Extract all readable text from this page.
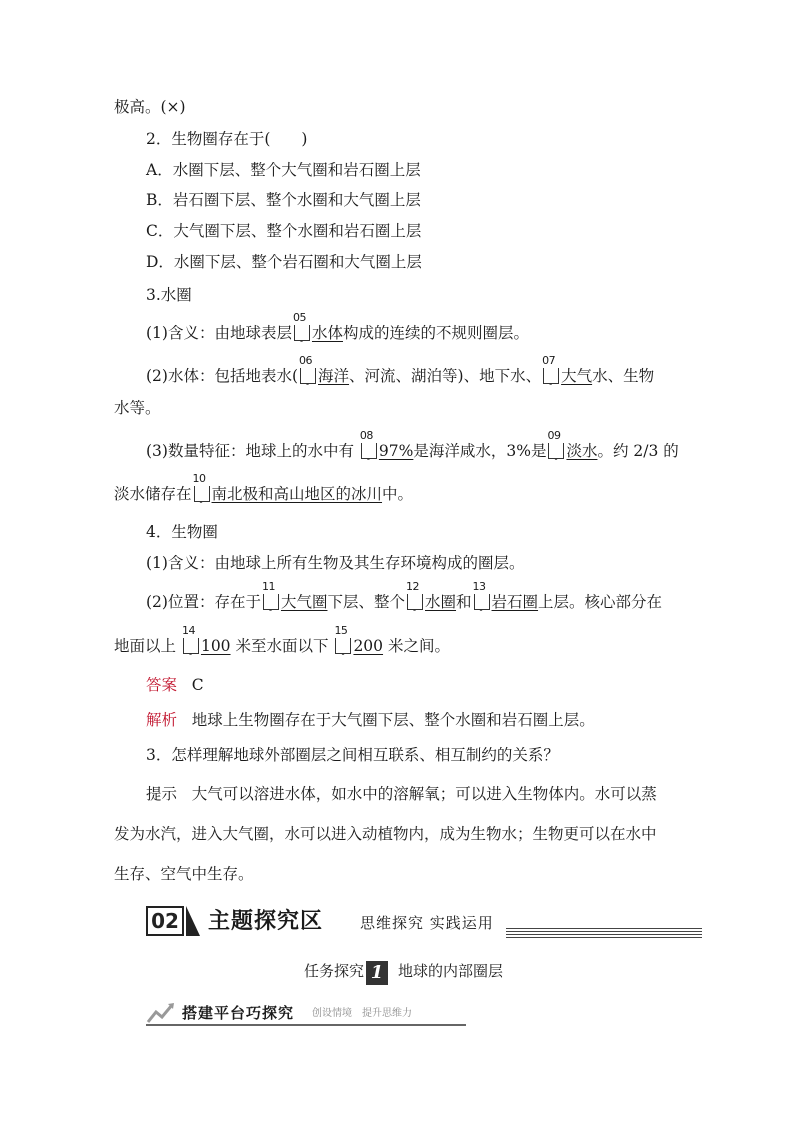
极高。(×)
2．生物圈存在于(　　)
A．水圈下层、整个大气圈和岩石圈上层
B．岩石圈下层、整个水圈和大气圈上层
C．大气圈下层、整个水圈和岩石圈上层
D．水圈下层、整个岩石圈和大气圈上层
3.水圈
(1)含义：由地球表层
05
- 水体构成的连续的不规则圈层。
(2)水体：包括地表水(
06
- 海洋、河流、湖泊等)、地下水、
07
- 大气水、生物
水等。
(3)数量特征：地球上的水中有
08
- 97%是海洋咸水，3%是
09
- 淡水。约 2/3 的
淡水储存在
10
- 南北极和高山地区的冰川中。
4．生物圈
(1)含义：由地球上所有生物及其生存环境构成的圈层。
(2)位置：存在于
11
- 大气圈下层、整个
12
- 水圈和
13
- 岩石圈上层。核心部分在
地面以上
14
- 100 米至水面以下
15
- 200 米之间。
答案 C
解析 地球上生物圈存在于大气圈下层、整个水圈和岩石圈上层。
3．怎样理解地球外部圈层之间相互联系、相互制约的关系？
提示 大气可以溶进水体，如水中的溶解氧；可以进入生物体内。水可以蒸
发为水汽，进入大气圈，水可以进入动植物内，成为生物水；生物更可以在水中
生存、空气中生存。
02 主题探究区 思维探究 实践运用
任务探究 1 地球的内部圈层
搭建平台巧探究 创设情境　提升思维力
